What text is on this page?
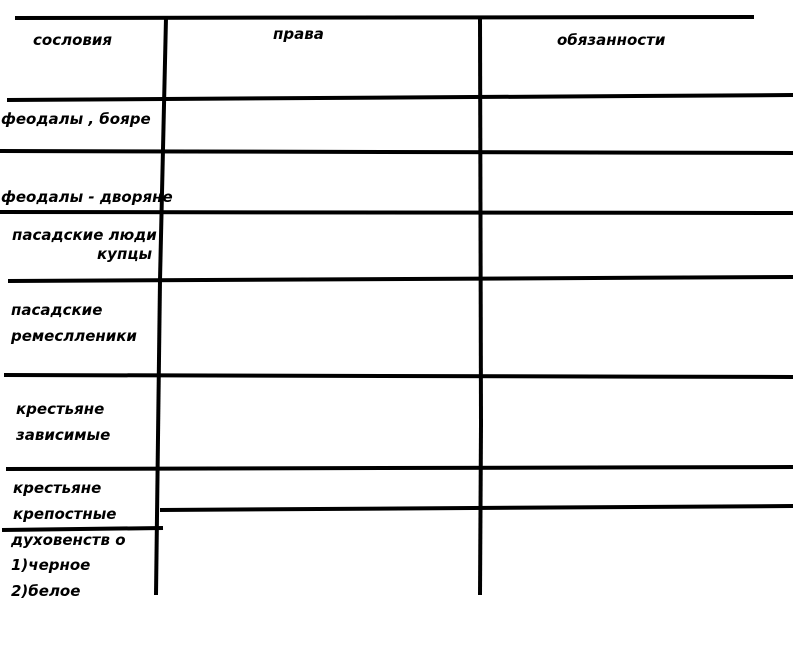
сословия	права	обязанности
феодалы , бояре
феодалы - дворяне
пасадские люди
купцы
пасадские
ремеслленики
крестьяне
зависимые
крестьяне
крепостные
духовенств о
1)черное
2)белое
